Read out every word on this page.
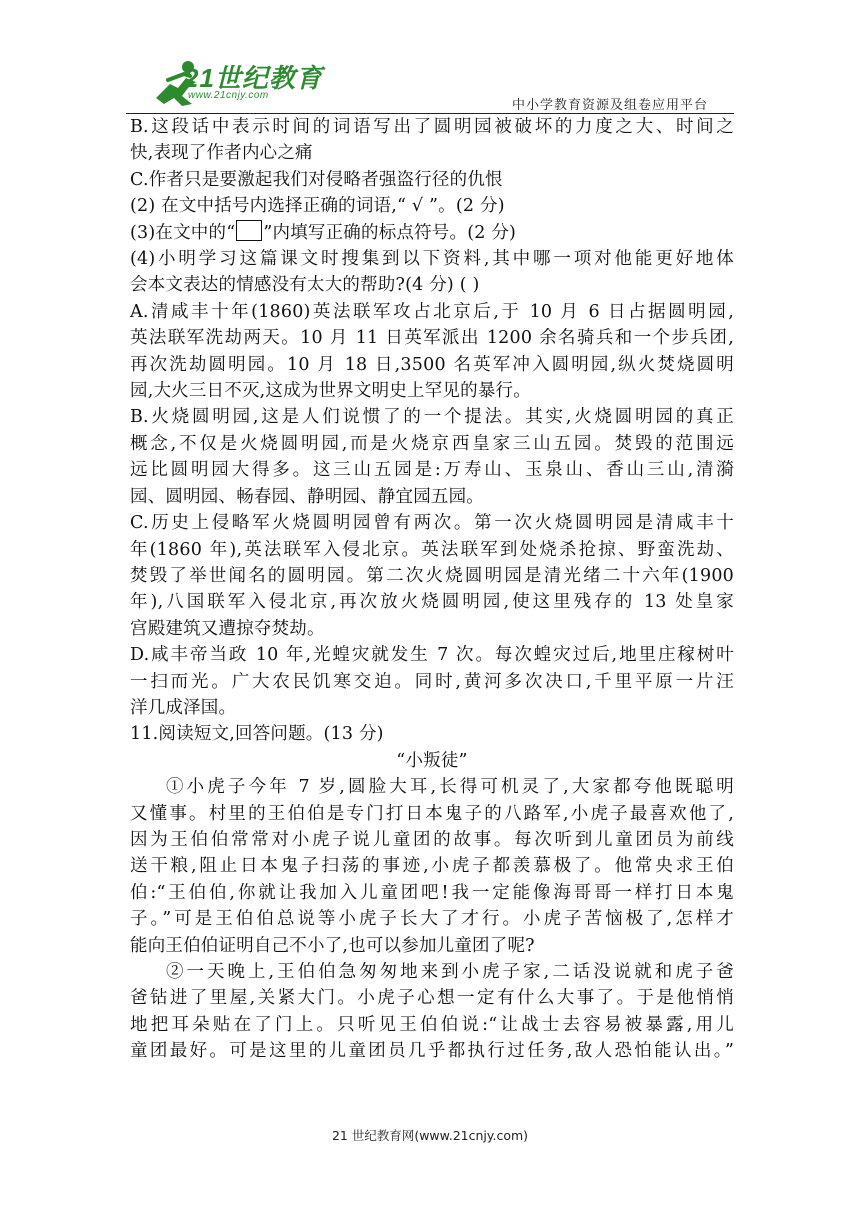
21世纪教育
www.21cnjy.com
中小学教育资源及组卷应用平台
B.这段话中表示时间的词语写出了圆明园被破坏的力度之大、时间之
快,表现了作者内心之痛
C.作者只是要激起我们对侵略者强盗行径的仇恨
(2) 在文中括号内选择正确的词语,“ √ ”。(2 分)
(3)在文中的“ ”内填写正确的标点符号。(2 分)
(4)小明学习这篇课文时搜集到以下资料,其中哪一项对他能更好地体
会本文表达的情感没有太大的帮助?(4 分) ( )
A.清咸丰十年(1860)英法联军攻占北京后,于 10 月 6 日占据圆明园,
英法联军洗劫两天。10 月 11 日英军派出 1200 余名骑兵和一个步兵团,
再次洗劫圆明园。10 月 18 日,3500 名英军冲入圆明园,纵火焚烧圆明
园,大火三日不灭,这成为世界文明史上罕见的暴行。
B.火烧圆明园,这是人们说惯了的一个提法。其实,火烧圆明园的真正
概念,不仅是火烧圆明园,而是火烧京西皇家三山五园。焚毁的范围远
远比圆明园大得多。这三山五园是:万寿山、玉泉山、香山三山,清漪
园、圆明园、畅春园、静明园、静宜园五园。
C.历史上侵略军火烧圆明园曾有两次。第一次火烧圆明园是清咸丰十
年(1860 年),英法联军入侵北京。英法联军到处烧杀抢掠、野蛮洗劫、
焚毁了举世闻名的圆明园。第二次火烧圆明园是清光绪二十六年(1900
年),八国联军入侵北京,再次放火烧圆明园,使这里残存的 13 处皇家
宫殿建筑又遭掠夺焚劫。
D.咸丰帝当政 10 年,光蝗灾就发生 7 次。每次蝗灾过后,地里庄稼树叶
一扫而光。广大农民饥寒交迫。同时,黄河多次决口,千里平原一片汪
洋几成泽国。
11.阅读短文,回答问题。(13 分)
“小叛徒”
①小虎子今年 7 岁,圆脸大耳,长得可机灵了,大家都夸他既聪明
又懂事。村里的王伯伯是专门打日本鬼子的八路军,小虎子最喜欢他了,
因为王伯伯常常对小虎子说儿童团的故事。每次听到儿童团员为前线
送干粮,阻止日本鬼子扫荡的事迹,小虎子都羡慕极了。他常央求王伯
伯:“王伯伯,你就让我加入儿童团吧!我一定能像海哥哥一样打日本鬼
子。”可是王伯伯总说等小虎子长大了才行。小虎子苦恼极了,怎样才
能向王伯伯证明自己不小了,也可以参加儿童团了呢?
②一天晚上,王伯伯急匆匆地来到小虎子家,二话没说就和虎子爸
爸钻进了里屋,关紧大门。小虎子心想一定有什么大事了。于是他悄悄
地把耳朵贴在了门上。只听见王伯伯说:“让战士去容易被暴露,用儿
童团最好。可是这里的儿童团员几乎都执行过任务,敌人恐怕能认出。”
21 世纪教育网(www.21cnjy.com)
